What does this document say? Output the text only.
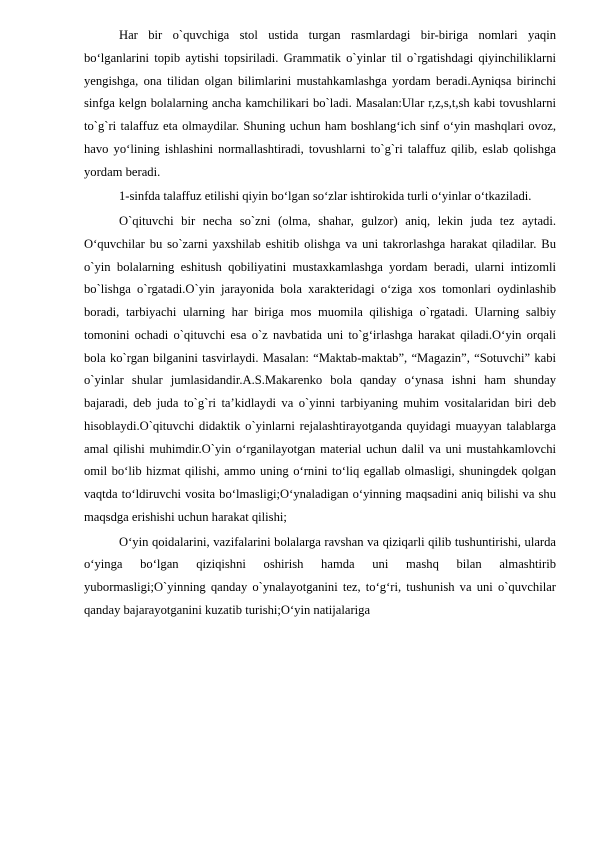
Har bir o`quvchiga stol ustida turgan rasmlardagi bir-biriga nomlari yaqin bo‘lganlarini topib aytishi topsiriladi. Grammatik o`yinlar til o`rgatishdagi qiyinchiliklarni yengishga, ona tilidan olgan bilimlarini mustahkamlashga yordam beradi.Ayniqsa birinchi sinfga kelgn bolalarning ancha kamchilikari bo`ladi. Masalan:Ular r,z,s,t,sh kabi tovushlarni to`g`ri talaffuz eta olmaydilar. Shuning uchun ham boshlang‘ich sinf o‘yin mashqlari ovoz, havo yo‘lining ishlashini normallashtiradi, tovushlarni to`g`ri talaffuz qilib, eslab qolishga yordam beradi.

1-sinfda talaffuz etilishi qiyin bo‘lgan so‘zlar ishtirokida turli o‘yinlar o‘tkaziladi.

O`qituvchi bir necha so`zni (olma, shahar, gulzor) aniq, lekin juda tez aytadi. O‘quvchilar bu so`zarni yaxshilab eshitib olishga va uni takrorlashga harakat qiladilar. Bu o`yin bolalarning eshitush qobiliyatini mustaxkamlashga yordam beradi, ularni intizomli bo`lishga o`rgatadi.O`yin jarayonida bola xarakteridagi o‘ziga xos tomonlari oydinlashib boradi, tarbiyachi ularning har biriga mos muomila qilishiga o`rgatadi. Ularning salbiy tomonini ochadi o`qituvchi esa o`z navbatida uni to`g‘irlashga harakat qiladi.O‘yin orqali bola ko`rgan bilganini tasvirlaydi. Masalan: “Maktab-maktab”, “Magazin”, “Sotuvchi” kabi o`yinlar shular jumlasidandir.A.S.Makarenko bola qanday o‘ynasa ishni ham shunday bajaradi, deb juda to`g`ri ta’kidlaydi va o`yinni tarbiyaning muhim vositalaridan biri deb hisoblaydi.O`qituvchi didaktik o`yinlarni rejalashtirayotganda quyidagi muayyan talablarga amal qilishi muhimdir.O`yin o‘rganilayotgan material uchun dalil va uni mustahkamlovchi omil bo‘lib hizmat qilishi, ammo uning o‘rnini to‘liq egallab olmasligi, shuningdek qolgan vaqtda to‘ldiruvchi vosita bo‘lmasligi;O‘ynaladigan o‘yinning maqsadini aniq bilishi va shu maqsdga erishishi uchun harakat qilishi;

O‘yin qoidalarini, vazifalarini bolalarga ravshan va qiziqarli qilib tushuntirishi, ularda o‘yinga bo‘lgan qiziqishni oshirish hamda uni mashq bilan almashtirib yubormasligi;O`yinning qanday o`ynalayotganini tez, to‘g‘ri, tushunish va uni o`quvchilar qanday bajarayotganini kuzatib turishi;O‘yin natijalariga
